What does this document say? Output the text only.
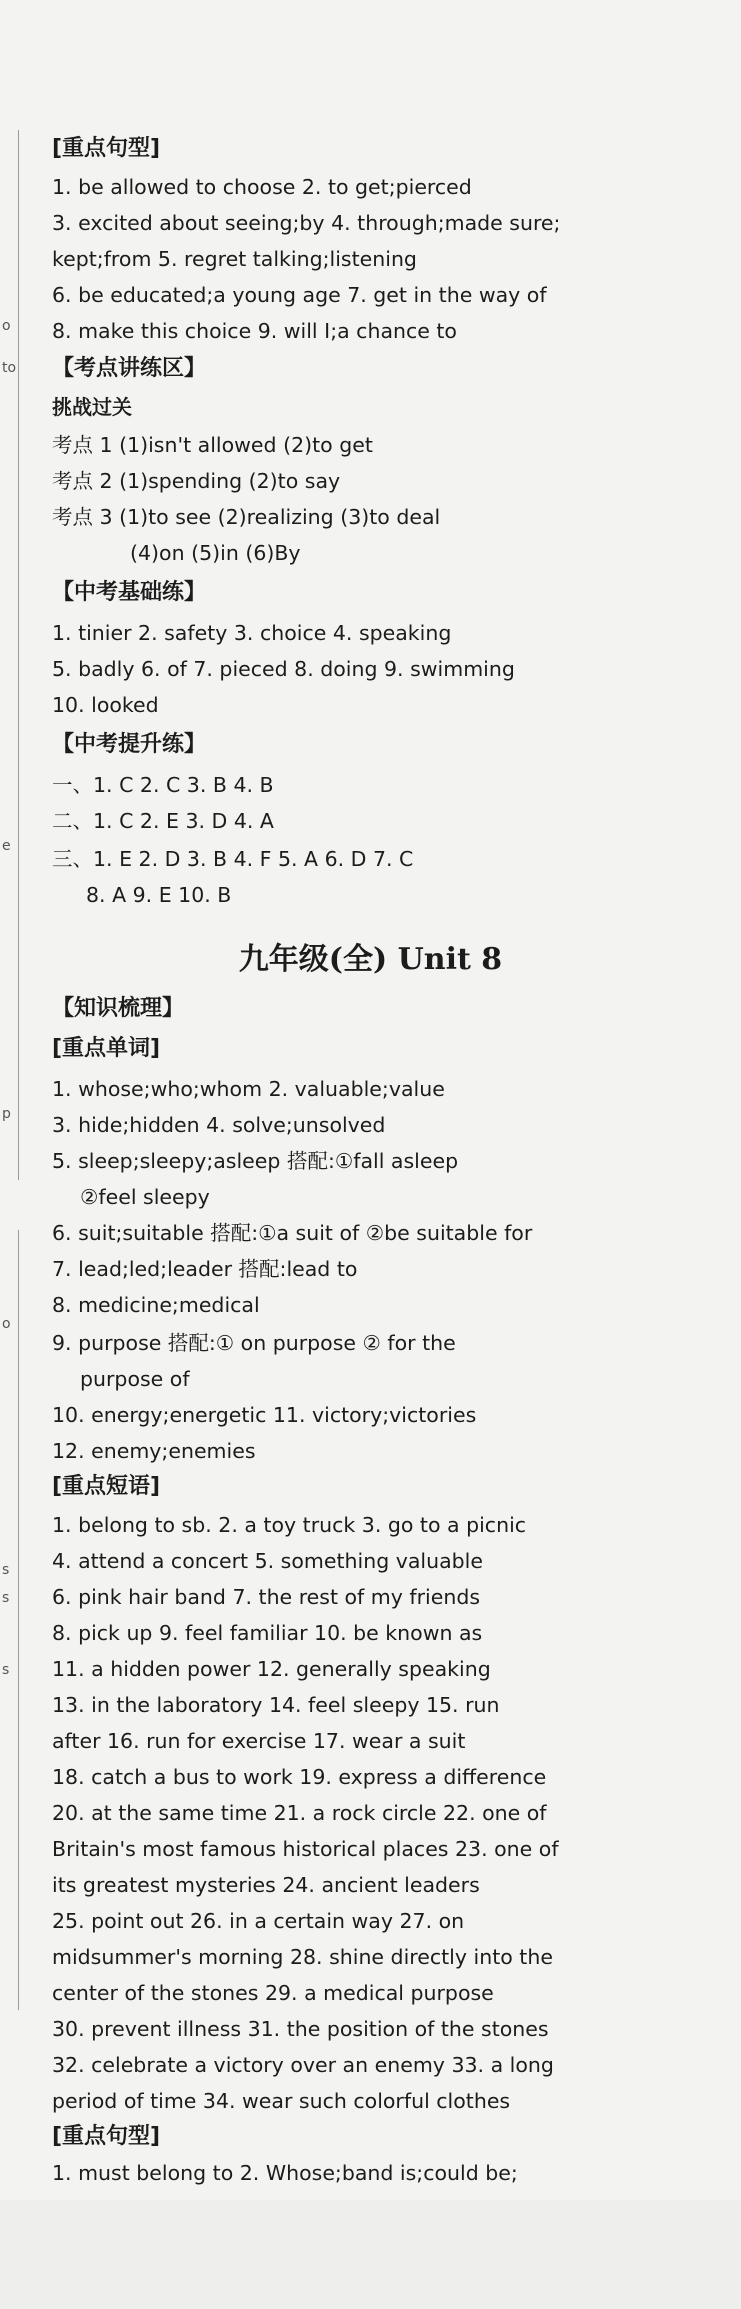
o
to
e
p
o
s
s
s
[重点句型]
1. be allowed to choose 2. to get;pierced
3. excited about seeing;by 4. through;made sure;
kept;from 5. regret talking;listening
6. be educated;a young age 7. get in the way of
8. make this choice 9. will I;a chance to
【考点讲练区】
挑战过关
考点 1 (1)isn't allowed (2)to get
考点 2 (1)spending (2)to say
考点 3 (1)to see (2)realizing (3)to deal
(4)on (5)in (6)By
【中考基础练】
1. tinier 2. safety 3. choice 4. speaking
5. badly 6. of 7. pieced 8. doing 9. swimming
10. looked
【中考提升练】
一、1. C 2. C 3. B 4. B
二、1. C 2. E 3. D 4. A
三、1. E 2. D 3. B 4. F 5. A 6. D 7. C
8. A 9. E 10. B
九年级(全) Unit 8
【知识梳理】
[重点单词]
1. whose;who;whom 2. valuable;value
3. hide;hidden 4. solve;unsolved
5. sleep;sleepy;asleep 搭配:①fall asleep
②feel sleepy
6. suit;suitable 搭配:①a suit of ②be suitable for
7. lead;led;leader 搭配:lead to
8. medicine;medical
9. purpose 搭配:① on purpose ② for the
purpose of
10. energy;energetic 11. victory;victories
12. enemy;enemies
[重点短语]
1. belong to sb. 2. a toy truck 3. go to a picnic
4. attend a concert 5. something valuable
6. pink hair band 7. the rest of my friends
8. pick up 9. feel familiar 10. be known as
11. a hidden power 12. generally speaking
13. in the laboratory 14. feel sleepy 15. run
after 16. run for exercise 17. wear a suit
18. catch a bus to work 19. express a difference
20. at the same time 21. a rock circle 22. one of
Britain's most famous historical places 23. one of
its greatest mysteries 24. ancient leaders
25. point out 26. in a certain way 27. on
midsummer's morning 28. shine directly into the
center of the stones 29. a medical purpose
30. prevent illness 31. the position of the stones
32. celebrate a victory over an enemy 33. a long
period of time 34. wear such colorful clothes
[重点句型]
1. must belong to 2. Whose;band is;could be;
